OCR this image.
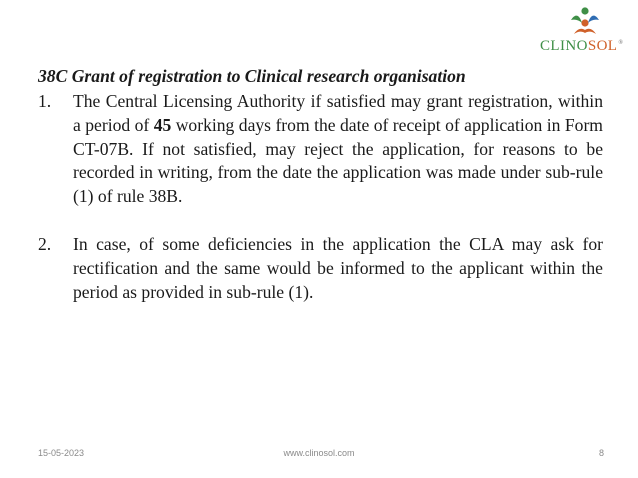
CLINOSOL®

38C Grant of registration to Clinical research organisation

1.	The Central Licensing Authority if satisfied may grant registration, within a period of 45 working days from the date of receipt of application in Form CT-07B. If not satisfied, may reject the application, for reasons to be recorded in writing, from the date the application was made under sub-rule (1) of rule 38B.
2.	In case, of some deficiencies in the application the CLA may ask for rectification and the same would be informed to the applicant within the period as provided in sub-rule (1).
15-05-2023	www.clinosol.com	8
